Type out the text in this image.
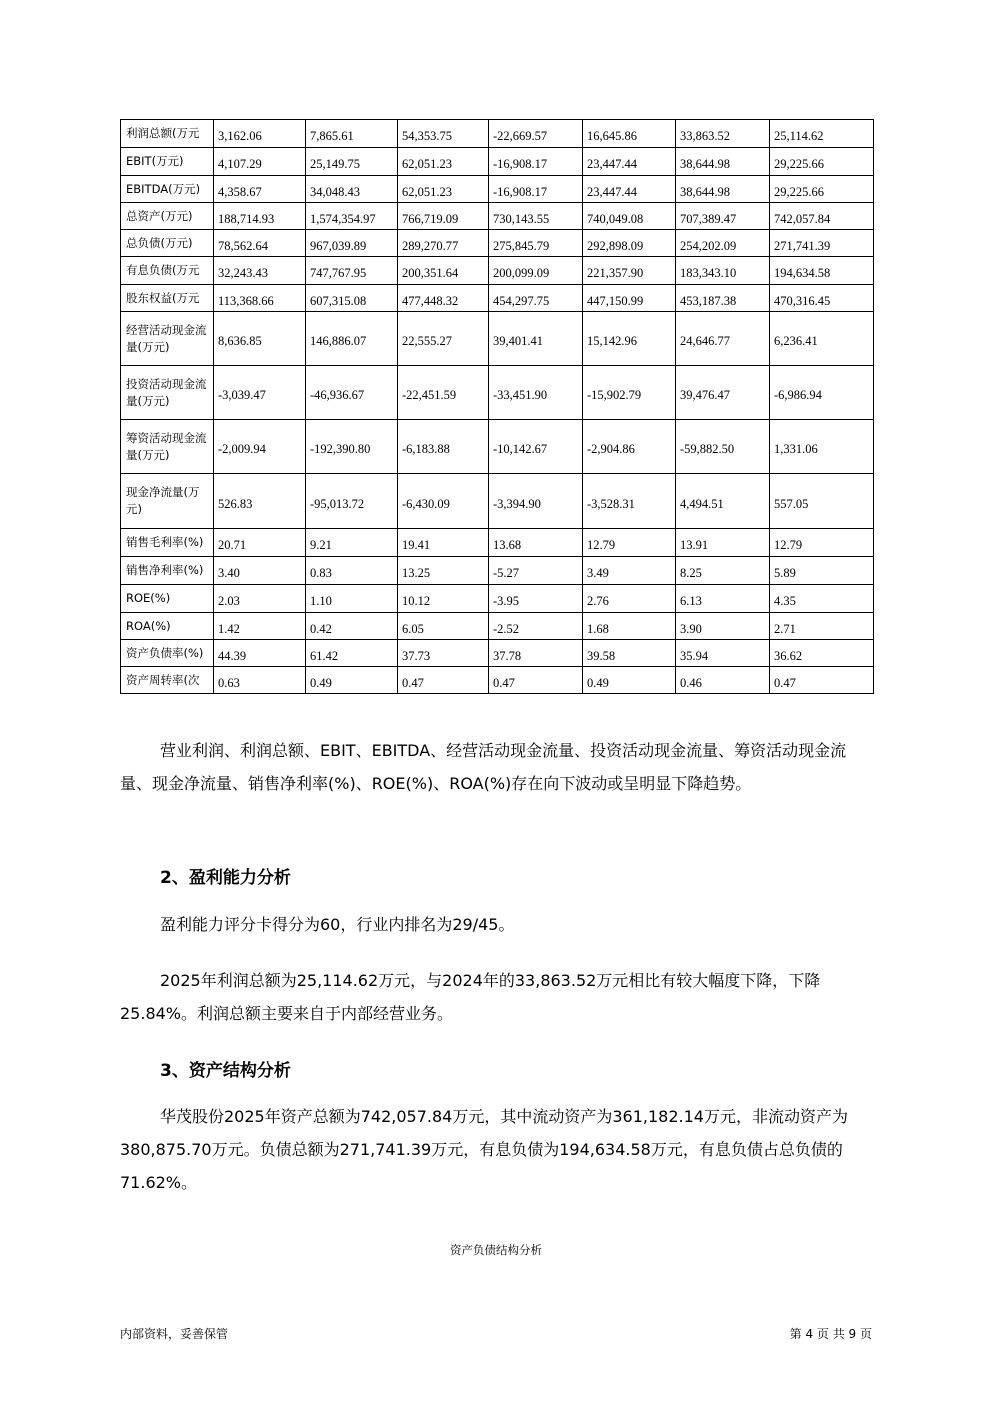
利润总额(万元	3,162.06	7,865.61	54,353.75	-22,669.57	16,645.86	33,863.52	25,114.62
EBIT(万元)	4,107.29	25,149.75	62,051.23	-16,908.17	23,447.44	38,644.98	29,225.66
EBITDA(万元)	4,358.67	34,048.43	62,051.23	-16,908.17	23,447.44	38,644.98	29,225.66
总资产(万元)	188,714.93	1,574,354.97	766,719.09	730,143.55	740,049.08	707,389.47	742,057.84
总负债(万元)	78,562.64	967,039.89	289,270.77	275,845.79	292,898.09	254,202.09	271,741.39
有息负债(万元	32,243.43	747,767.95	200,351.64	200,099.09	221,357.90	183,343.10	194,634.58
股东权益(万元	113,368.66	607,315.08	477,448.32	454,297.75	447,150.99	453,187.38	470,316.45
经营活动现金流量(万元)	8,636.85	146,886.07	22,555.27	39,401.41	15,142.96	24,646.77	6,236.41
投资活动现金流量(万元)	-3,039.47	-46,936.67	-22,451.59	-33,451.90	-15,902.79	39,476.47	-6,986.94
筹资活动现金流量(万元)	-2,009.94	-192,390.80	-6,183.88	-10,142.67	-2,904.86	-59,882.50	1,331.06
现金净流量(万元)	526.83	-95,013.72	-6,430.09	-3,394.90	-3,528.31	4,494.51	557.05
销售毛利率(%)	20.71	9.21	19.41	13.68	12.79	13.91	12.79
销售净利率(%)	3.40	0.83	13.25	-5.27	3.49	8.25	5.89
ROE(%)	2.03	1.10	10.12	-3.95	2.76	6.13	4.35
ROA(%)	1.42	0.42	6.05	-2.52	1.68	3.90	2.71
资产负债率(%)	44.39	61.42	37.73	37.78	39.58	35.94	36.62
资产周转率(次	0.63	0.49	0.47	0.47	0.49	0.46	0.47
营业利润、利润总额、EBIT、EBITDA、经营活动现金流量、投资活动现金流量、筹资活动现金流量、现金净流量、销售净利率(%)、ROE(%)、ROA(%)存在向下波动或呈明显下降趋势。
2、盈利能力分析
盈利能力评分卡得分为60，行业内排名为29/45。
2025年利润总额为25,114.62万元，与2024年的33,863.52万元相比有较大幅度下降，下降25.84%。利润总额主要来自于内部经营业务。
3、资产结构分析
华茂股份2025年资产总额为742,057.84万元，其中流动资产为361,182.14万元，非流动资产为380,875.70万元。负债总额为271,741.39万元，有息负债为194,634.58万元，有息负债占总负债的71.62%。
资产负债结构分析
内部资料，妥善保管	第 4 页 共 9 页
